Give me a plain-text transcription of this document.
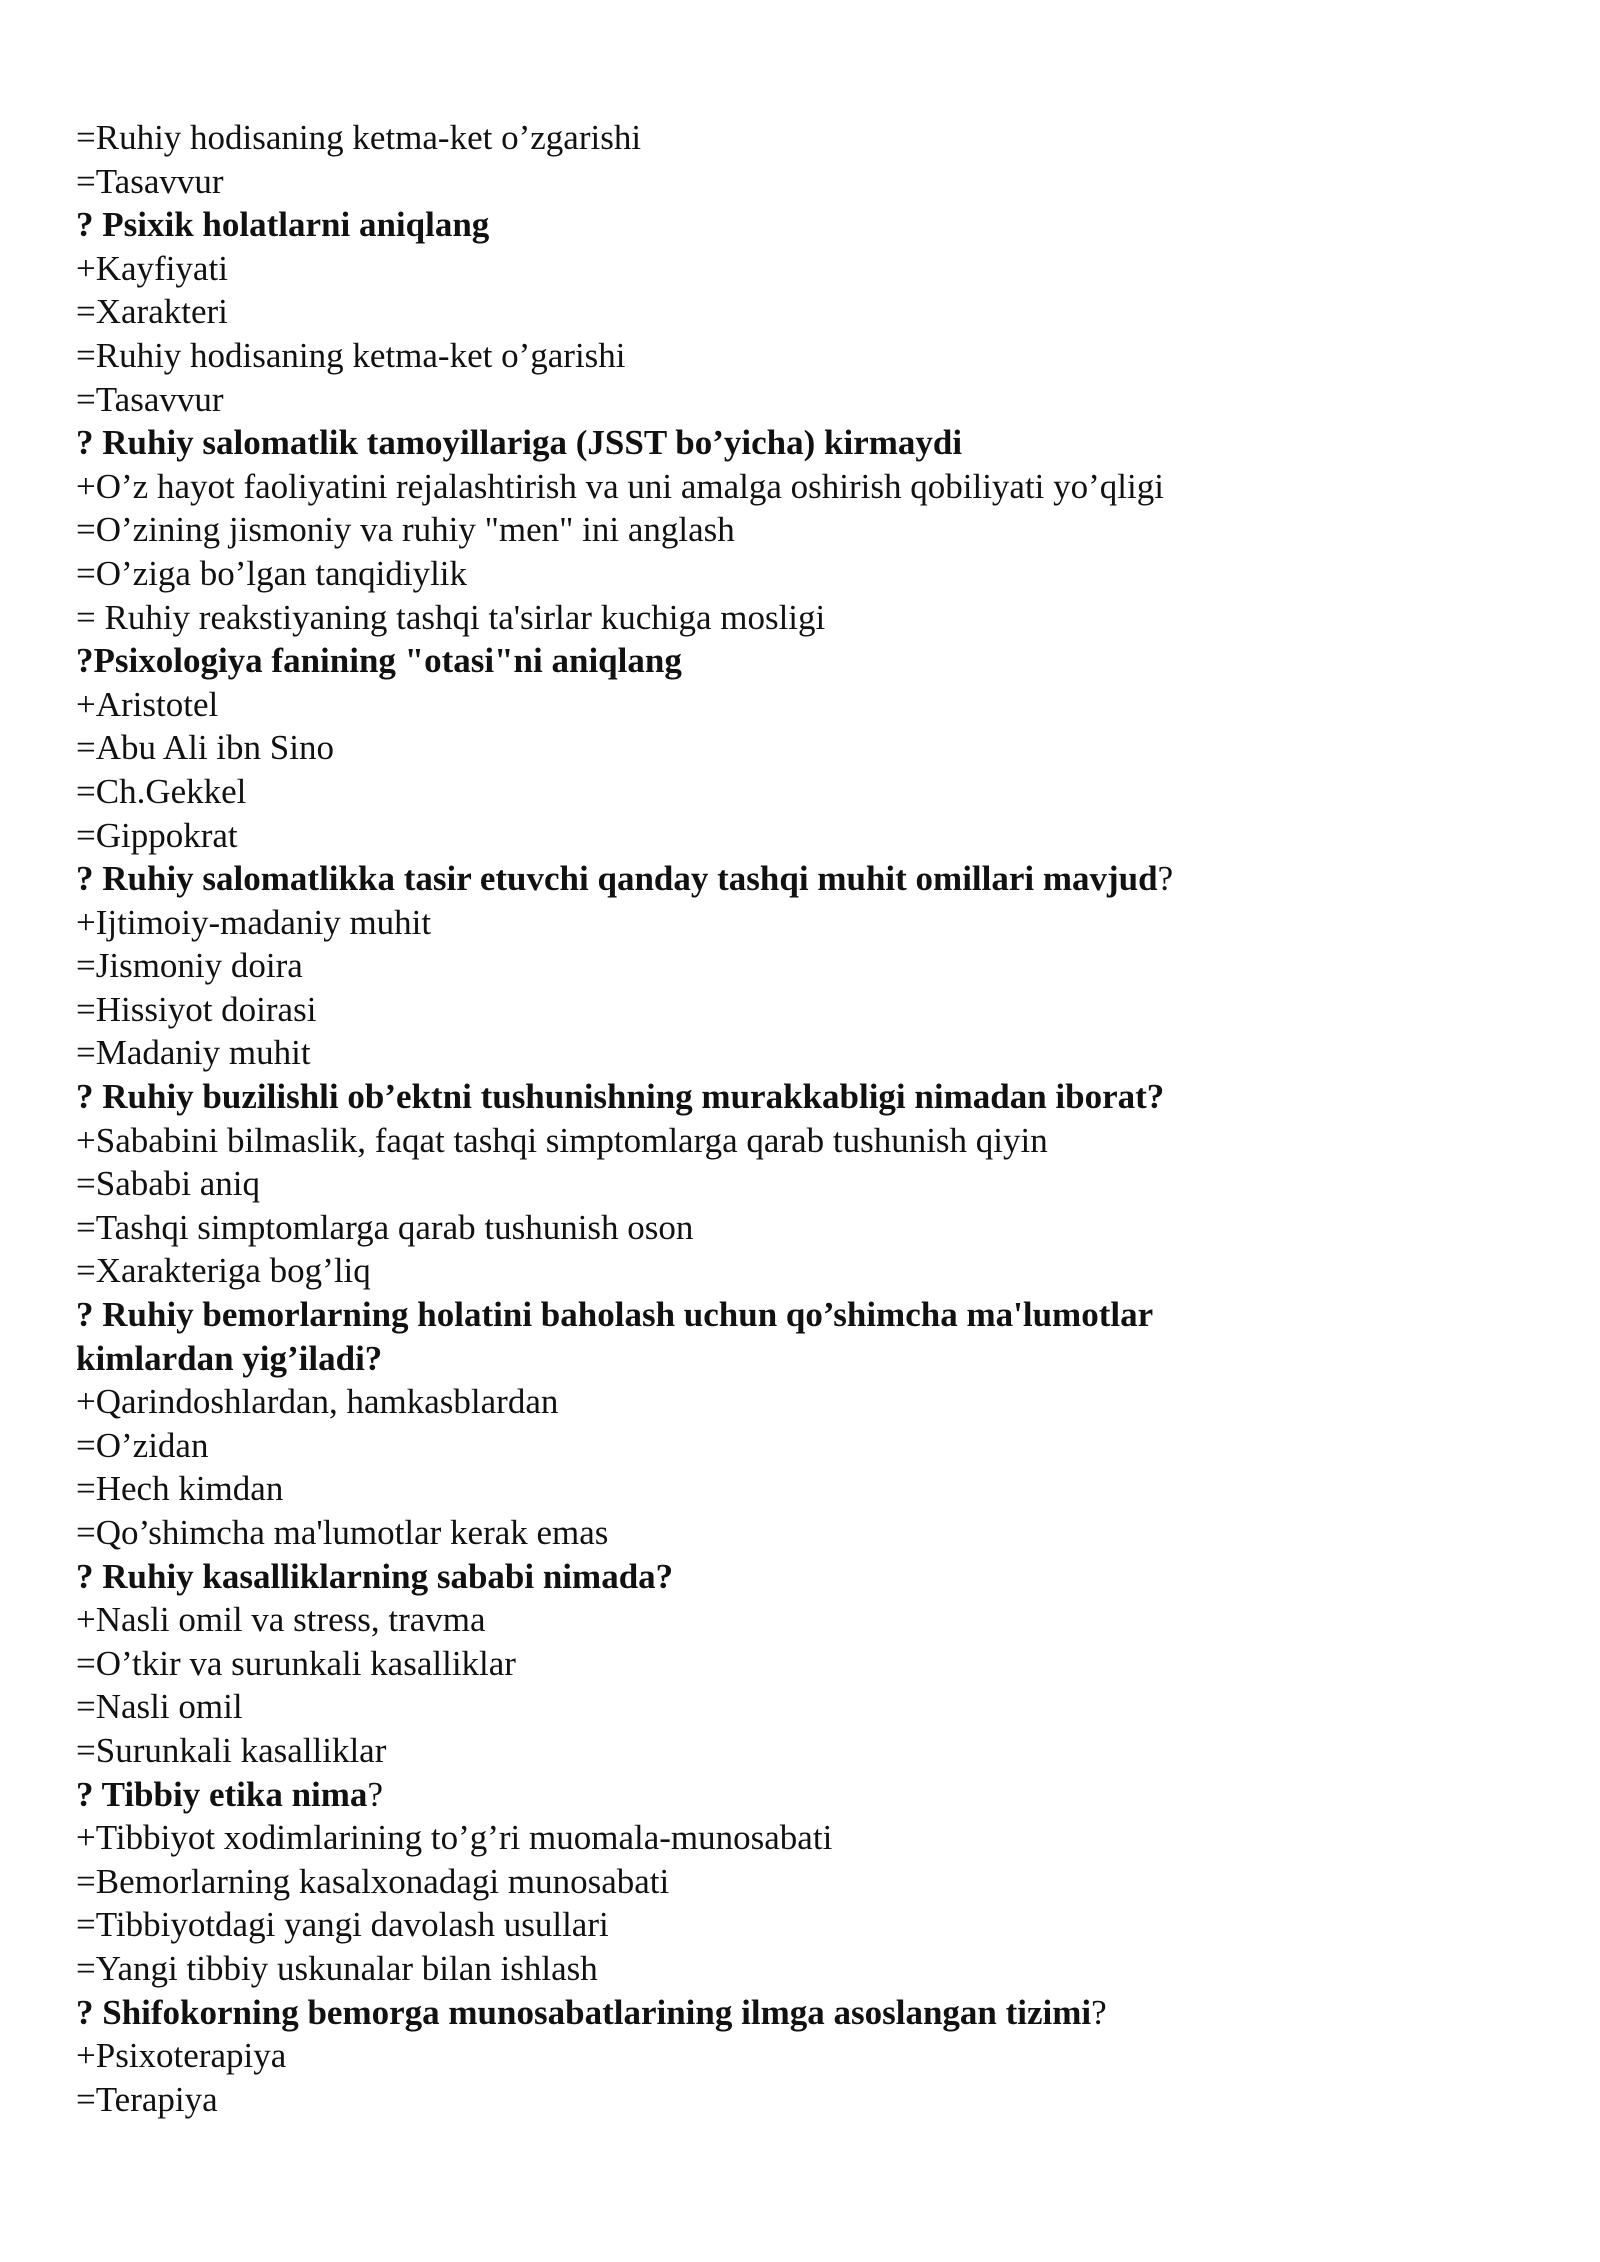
=Ruhiy hodisaning ketma-ket o’zgarishi
=Tasavvur
? Psixik holatlarni aniqlang
+Kayfiyati
=Xarakteri
=Ruhiy hodisaning ketma-ket o’garishi
=Tasavvur
? Ruhiy salomatlik tamoyillariga (JSST bo’yicha) kirmaydi
+O’z hayot faoliyatini rejalashtirish va uni amalga oshirish qobiliyati yo’qligi
=O’zining jismoniy va ruhiy "men" ini anglash
=O’ziga bo’lgan tanqidiylik
= Ruhiy reakstiyaning tashqi ta'sirlar kuchiga mosligi
?Psixologiya fanining "otasi"ni aniqlang
+Aristotel
=Abu Ali ibn Sino
=Ch.Gekkel
=Gippokrat
? Ruhiy salomatlikka tasir etuvchi qanday tashqi muhit omillari mavjud?
+Ijtimoiy-madaniy muhit
=Jismoniy doira
=Hissiyot doirasi
=Madaniy muhit
? Ruhiy buzilishli ob’ektni tushunishning murakkabligi nimadan iborat?
+Sababini bilmaslik, faqat tashqi simptomlarga qarab tushunish qiyin
=Sababi aniq
=Tashqi simptomlarga qarab tushunish oson
=Xarakteriga bog’liq
? Ruhiy bemorlarning holatini baholash uchun qo’shimcha ma'lumotlar kimlardan yig’iladi?
+Qarindoshlardan, hamkasblardan
=O’zidan
=Hech kimdan
=Qo’shimcha ma'lumotlar kerak emas
? Ruhiy kasalliklarning sababi nimada?
+Nasli omil va stress, travma
=O’tkir va surunkali kasalliklar
=Nasli omil
=Surunkali kasalliklar
? Tibbiy etika nima?
+Tibbiyot xodimlarining to’g’ri muomala-munosabati
=Bemorlarning kasalxonadagi munosabati
=Tibbiyotdagi yangi davolash usullari
=Yangi tibbiy uskunalar bilan ishlash
? Shifokorning bemorga munosabatlarining ilmga asoslangan tizimi?
+Psixoterapiya
=Terapiya
